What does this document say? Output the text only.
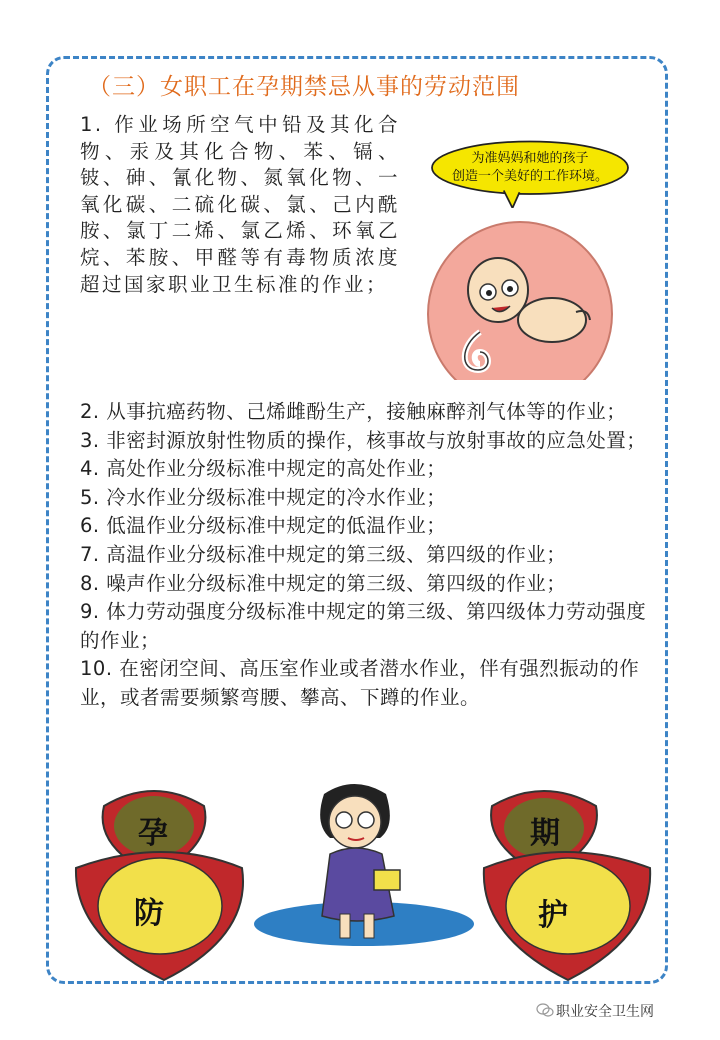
（三）女职工在孕期禁忌从事的劳动范围
1. 作业场所空气中铅及其化合物、汞及其化合物、苯、镉、铍、砷、氰化物、氮氧化物、一氧化碳、二硫化碳、氯、己内酰胺、氯丁二烯、氯乙烯、环氧乙烷、苯胺、甲醛等有毒物质浓度超过国家职业卫生标准的作业；
为准妈妈和她的孩子
创造一个美好的工作环境。

2. 从事抗癌药物、己烯雌酚生产，接触麻醉剂气体等的作业；

3. 非密封源放射性物质的操作，核事故与放射事故的应急处置；

4. 高处作业分级标准中规定的高处作业；

5. 冷水作业分级标准中规定的冷水作业；

6. 低温作业分级标准中规定的低温作业；

7. 高温作业分级标准中规定的第三级、第四级的作业；

8. 噪声作业分级标准中规定的第三级、第四级的作业；

9. 体力劳动强度分级标准中规定的第三级、第四级体力劳动强度的作业；

10. 在密闭空间、高压室作业或者潜水作业，伴有强烈振动的作业，或者需要频繁弯腰、攀高、下蹲的作业。

孕
防
期
护
职业安全卫生网
